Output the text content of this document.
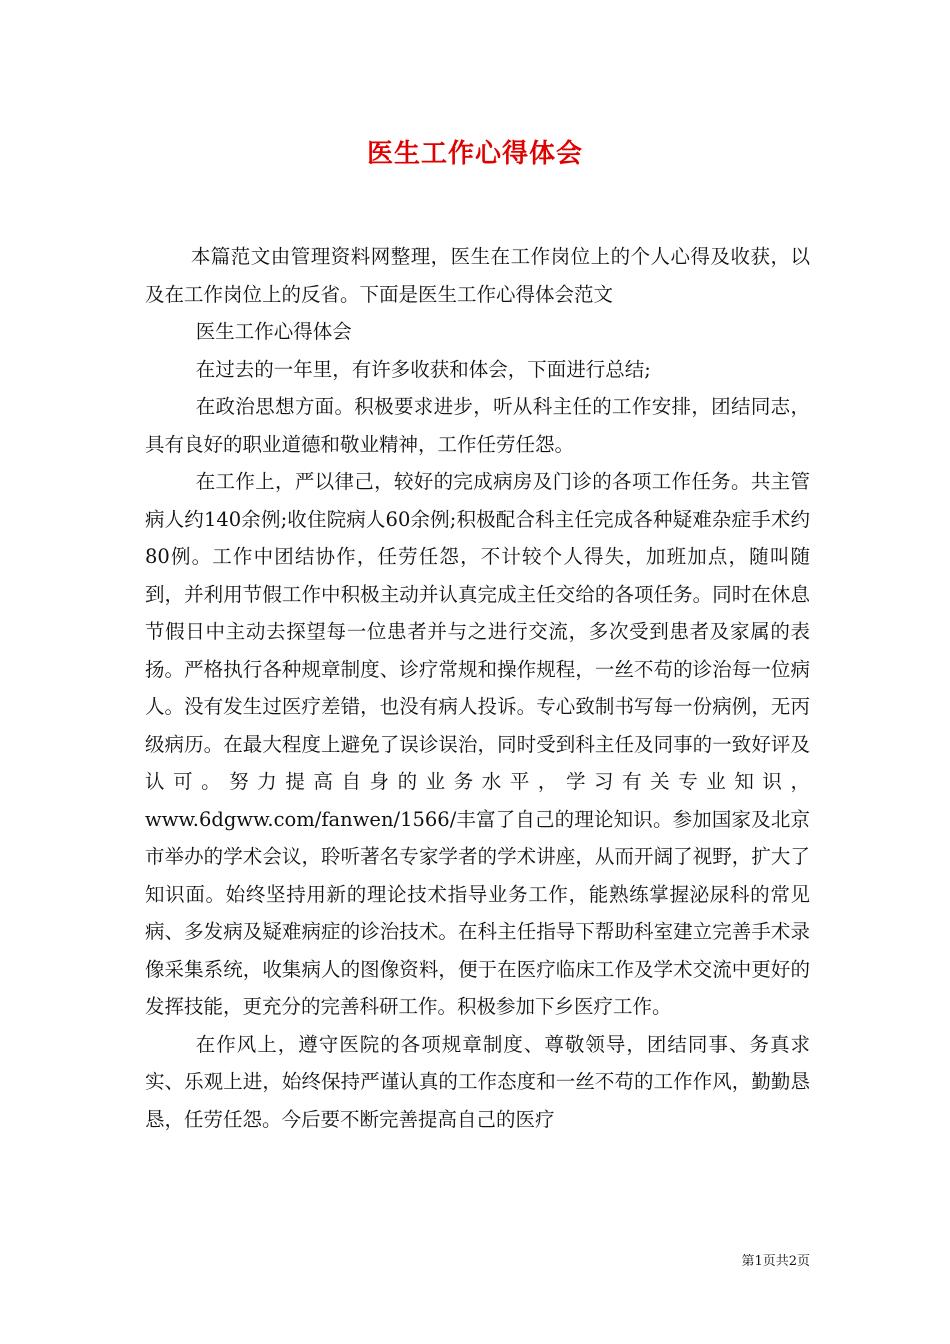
医生工作心得体会

本篇范文由管理资料网整理，医生在工作岗位上的个人心得及收获，以及在工作岗位上的反省。下面是医生工作心得体会范文

医生工作心得体会

在过去的一年里，有许多收获和体会，下面进行总结;

在政治思想方面。积极要求进步，听从科主任的工作安排，团结同志，具有良好的职业道德和敬业精神，工作任劳任怨。

在工作上，严以律己，较好的完成病房及门诊的各项工作任务。共主管病人约140余例;收住院病人60余例;积极配合科主任完成各种疑难杂症手术约80例。工作中团结协作，任劳任怨，不计较个人得失，加班加点，随叫随到，并利用节假工作中积极主动并认真完成主任交给的各项任务。同时在休息节假日中主动去探望每一位患者并与之进行交流，多次受到患者及家属的表扬。严格执行各种规章制度、诊疗常规和操作规程，一丝不苟的诊治每一位病人。没有发生过医疗差错，也没有病人投诉。专心致制书写每一份病例，无丙级病历。在最大程度上避免了误诊误治，同时受到科主任及同事的一致好评及认可。努力提高自身的业务水平，学习有关专业知识，www.6dgww.com/fanwen/1566/丰富了自己的理论知识。参加国家及北京市举办的学术会议，聆听著名专家学者的学术讲座，从而开阔了视野，扩大了知识面。始终坚持用新的理论技术指导业务工作，能熟练掌握泌尿科的常见病、多发病及疑难病症的诊治技术。在科主任指导下帮助科室建立完善手术录像采集系统，收集病人的图像资料，便于在医疗临床工作及学术交流中更好的发挥技能，更充分的完善科研工作。积极参加下乡医疗工作。

在作风上，遵守医院的各项规章制度、尊敬领导，团结同事、务真求实、乐观上进，始终保持严谨认真的工作态度和一丝不苟的工作作风，勤勤恳恳，任劳任怨。今后要不断完善提高自己的医疗

第1页共2页
